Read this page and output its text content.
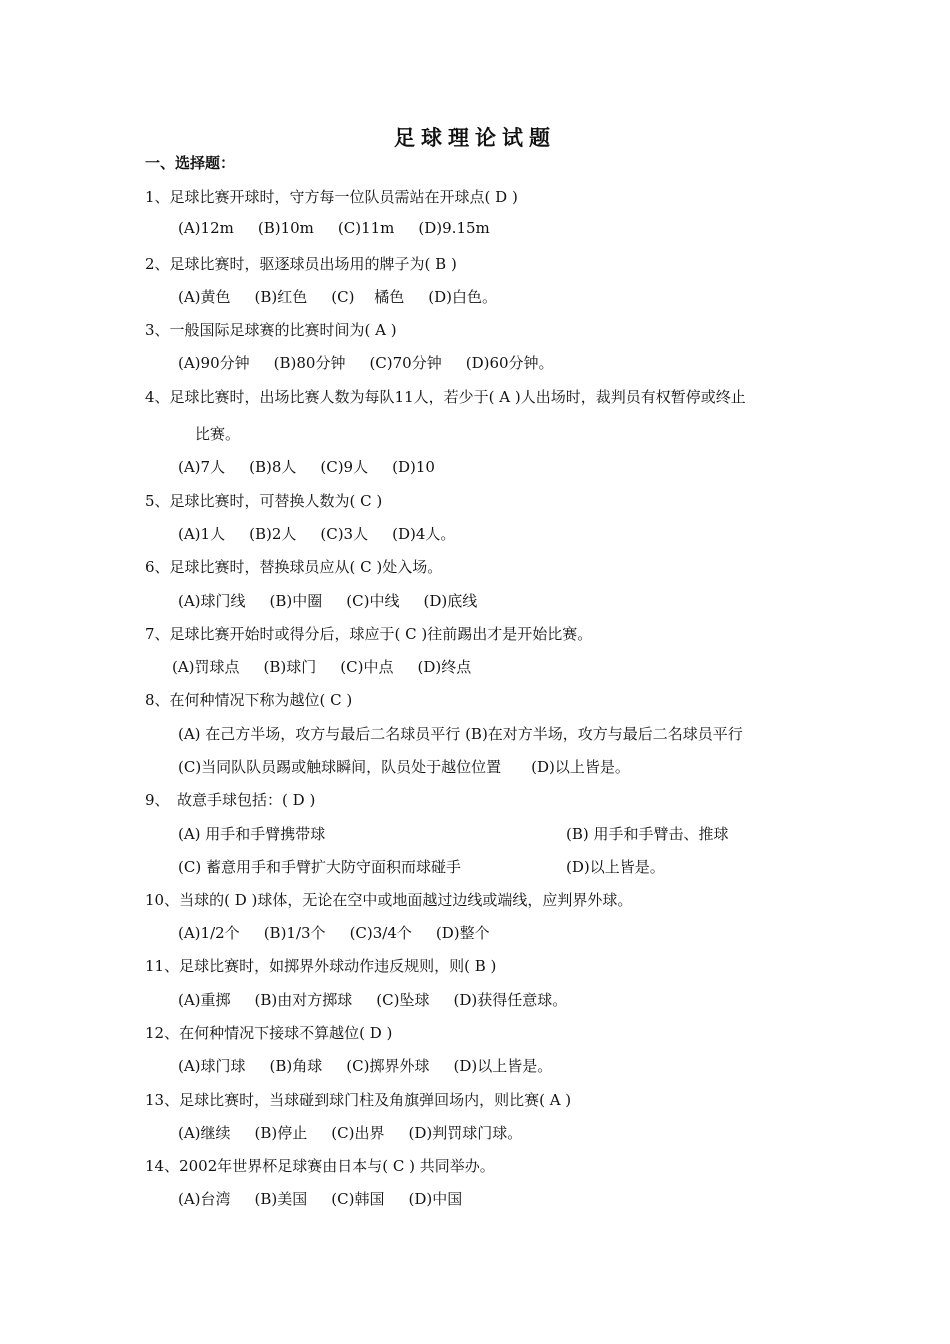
足球理论试题
一、选择题：
1、足球比赛开球时，守方每一位队员需站在开球点( D )
(A)12m (B)10m (C)11m (D)9.15m
2、足球比赛时，驱逐球员出场用的牌子为( B )
(A)黄色 (B)红色 (C)　 橘色 (D)白色。
3、一般国际足球赛的比赛时间为( A )
(A)90分钟 (B)80分钟 (C)70分钟 (D)60分钟。
4、足球比赛时，出场比赛人数为每队11人，若少于( A )人出场时，裁判员有权暂停或终止
比赛。
(A)7人 (B)8人 (C)9人 (D)10
5、足球比赛时，可替换人数为( C )
(A)1人 (B)2人 (C)3人 (D)4人。
6、足球比赛时，替换球员应从( C )处入场。
(A)球门线 (B)中圈 (C)中线 (D)底线
7、足球比赛开始时或得分后，球应于( C )往前踢出才是开始比赛。
(A)罚球点 (B)球门 (C)中点 (D)终点
8、在何种情况下称为越位( C )
(A) 在己方半场，攻方与最后二名球员平行 (B)在对方半场，攻方与最后二名球员平行
(C)当同队队员踢或触球瞬间，队员处于越位位置　　(D)以上皆是。
9、　故意手球包括：( D )
(A) 用手和手臂携带球	(B) 用手和手臂击、推球
(C) 蓄意用手和手臂扩大防守面积而球碰手	(D)以上皆是。
10、当球的( D )球体，无论在空中或地面越过边线或端线，应判界外球。
(A)1/2个 (B)1/3个 (C)3/4个 (D)整个
11、足球比赛时，如掷界外球动作违反规则，则( B )
(A)重掷 (B)由对方掷球 (C)坠球 (D)获得任意球。
12、在何种情况下接球不算越位( D )
(A)球门球 (B)角球 (C)掷界外球 (D)以上皆是。
13、足球比赛时，当球碰到球门柱及角旗弹回场内，则比赛( A )
(A)继续 (B)停止 (C)出界 (D)判罚球门球。
14、2002年世界杯足球赛由日本与( C ) 共同举办。
(A)台湾 (B)美国 (C)韩国 (D)中国
